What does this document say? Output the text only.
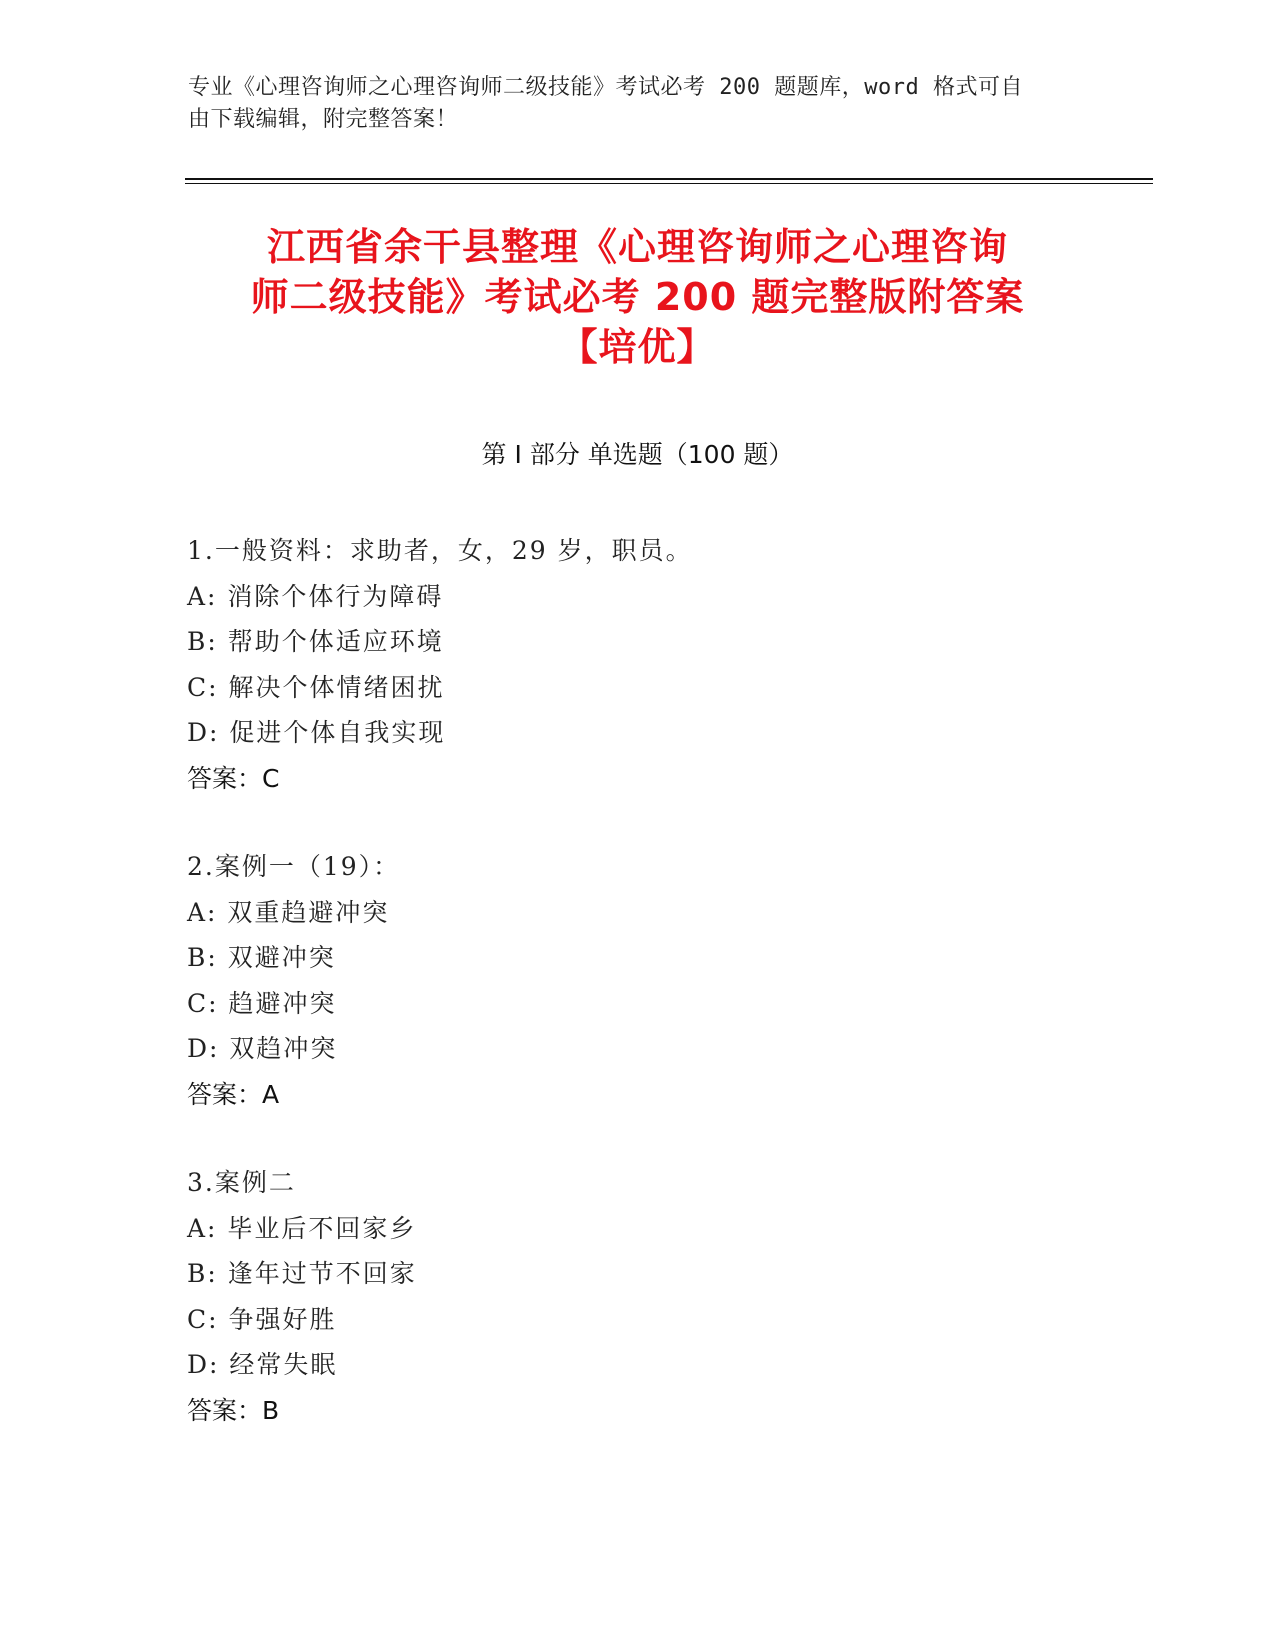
专业《心理咨询师之心理咨询师二级技能》考试必考 200 题题库，word 格式可自
由下载编辑，附完整答案！
江西省余干县整理《心理咨询师之心理咨询
师二级技能》考试必考 200 题完整版附答案
【培优】
第 I 部分 单选题（100 题）
1.一般资料：求助者，女，29 岁，职员。
A: 消除个体行为障碍
B: 帮助个体适应环境
C: 解决个体情绪困扰
D: 促进个体自我实现
答案：C
2.案例一（19）：
A: 双重趋避冲突
B: 双避冲突
C: 趋避冲突
D: 双趋冲突
答案：A
3.案例二
A: 毕业后不回家乡
B: 逢年过节不回家
C: 争强好胜
D: 经常失眠
答案：B
